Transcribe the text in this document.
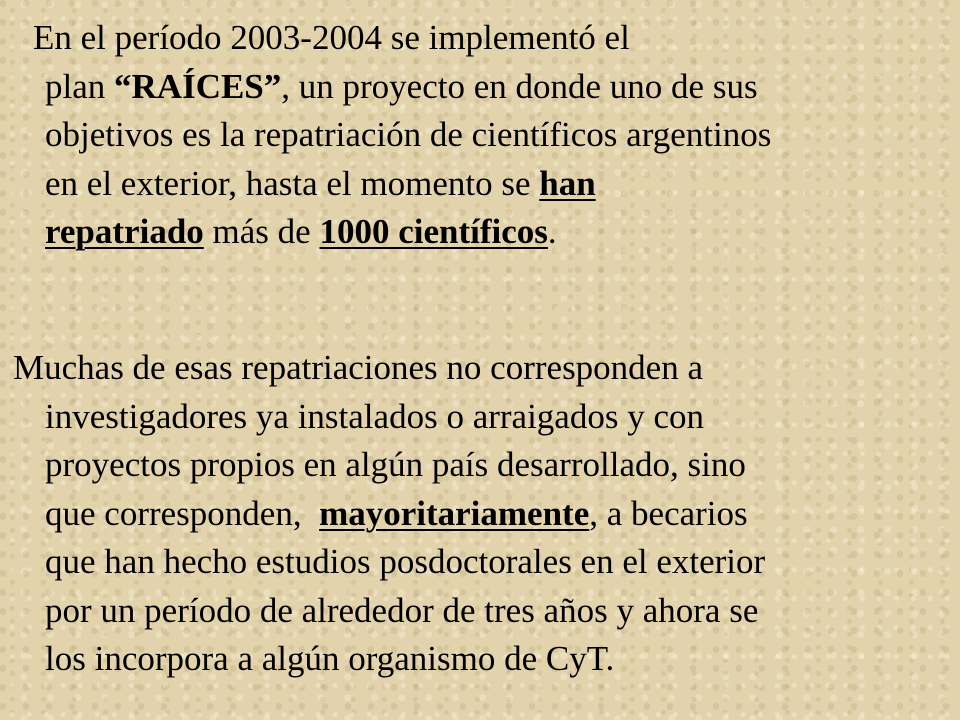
En el período 2003-2004 se implementó el
plan “RAÍCES”, un proyecto en donde uno de sus
objetivos es la repatriación de científicos argentinos
en el exterior, hasta el momento se han
repatriado más de 1000 científicos.
Muchas de esas repatriaciones no corresponden a
investigadores ya instalados o arraigados y con
proyectos propios en algún país desarrollado, sino
que corresponden,  mayoritariamente, a becarios
que han hecho estudios posdoctorales en el exterior
por un período de alrededor de tres años y ahora se
los incorpora a algún organismo de CyT.
